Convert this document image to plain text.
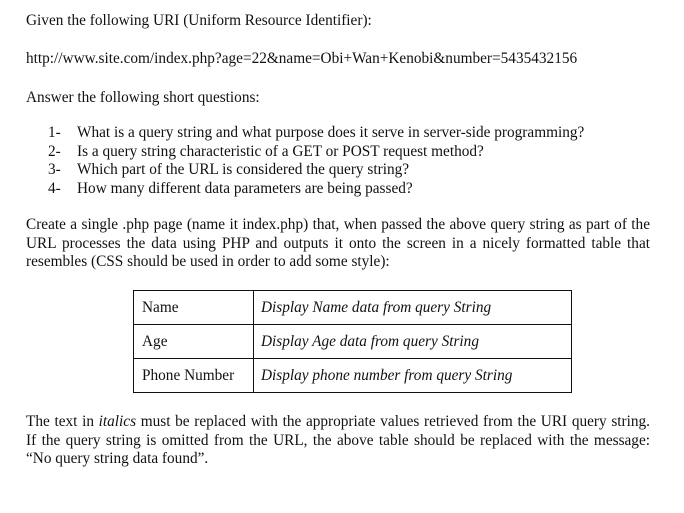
Given the following URI (Uniform Resource Identifier):
http://www.site.com/index.php?age=22&name=Obi+Wan+Kenobi&number=5435432156
Answer the following short questions:
1-	What is a query string and what purpose does it serve in server-side programming?
2-	Is a query string characteristic of a GET or POST request method?
3-	Which part of the URL is considered the query string?
4-	How many different data parameters are being passed?
Create a single .php page (name it index.php) that, when passed the above query string as part of the URL processes the data using PHP and outputs it onto the screen in a nicely formatted table that resembles (CSS should be used in order to add some style):
Name	Display Name data from query String
Age	Display Age data from query String
Phone Number	Display phone number from query String
The text in italics must be replaced with the appropriate values retrieved from the URI query string. If the query string is omitted from the URL, the above table should be replaced with the message: “No query string data found”.
